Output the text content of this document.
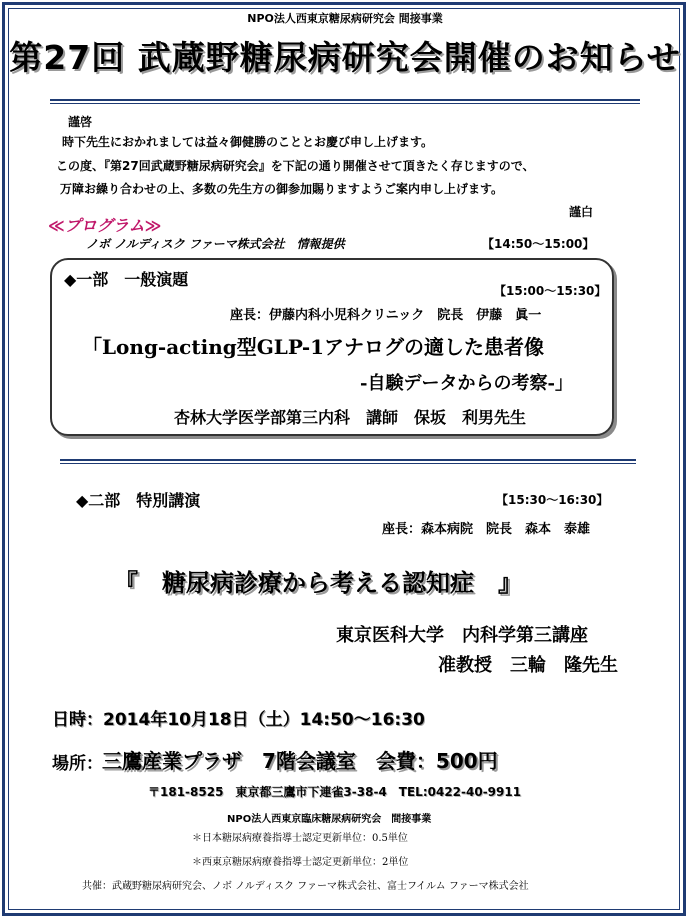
NPO法人西東京糖尿病研究会 間接事業
第27回 武蔵野糖尿病研究会開催のお知らせ
謹啓
時下先生におかれましては益々御健勝のこととお慶び申し上げます。
この度、『第27回武蔵野糖尿病研究会』を下記の通り開催させて頂きたく存じますので、
万障お繰り合わせの上、多数の先生方の御参加賜りますようご案内申し上げます。
謹白
≪プログラム≫
ノボ ノルディスク ファーマ株式会社　情報提供	【14:50～15:00】
◆一部　一般演題
【15:00～15:30】
座長：伊藤内科小児科クリニック　院長　伊藤　眞一
「Long-acting型GLP-1アナログの適した患者像
-自験データからの考察-」
杏林大学医学部第三内科　講師　保坂　利男先生
◆二部　特別講演	【15:30～16:30】
座長：森本病院　院長　森本　泰雄
『　糖尿病診療から考える認知症　』
東京医科大学　内科学第三講座
准教授　三輪　隆先生
日時：2014年10月18日（土）14:50～16:30
場所： 三鷹産業プラザ　7階会議室　会費：500円
〒181-8525　東京都三鷹市下連雀3-38-4　TEL:0422-40-9911
NPO法人西東京臨床糖尿病研究会　間接事業
＊日本糖尿病療養指導士認定更新単位：0.5単位
＊西東京糖尿病療養指導士認定更新単位：2単位
共催：武蔵野糖尿病研究会、ノボ ノルディスク ファーマ株式会社、富士フイルム ファーマ株式会社
